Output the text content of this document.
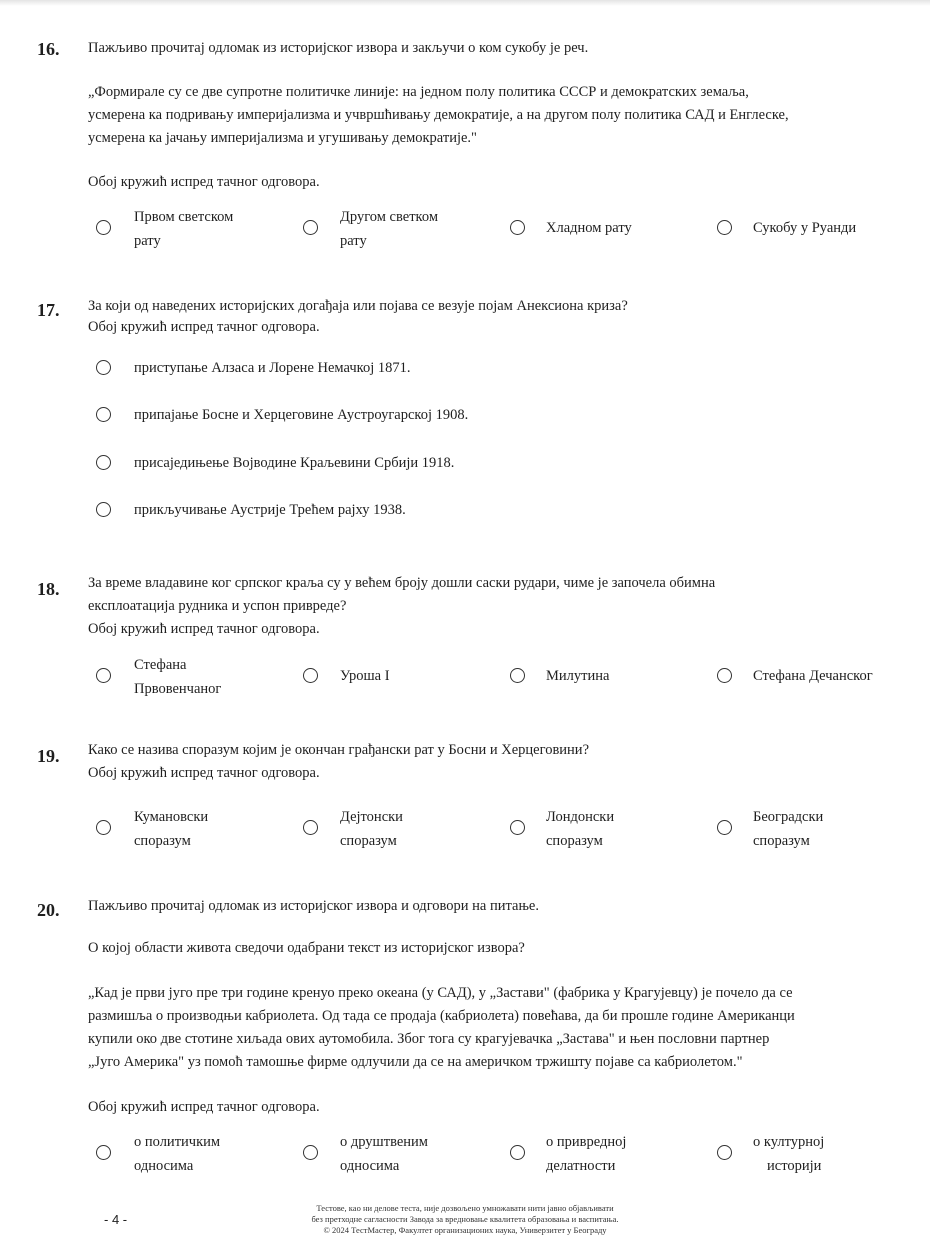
16. Пажљиво прочитај одломак из историјског извора и закључи о ком сукобу је реч.
„Формирале су се две супротне политичке линије: на једном полу политика СССР и демократских земаља,
усмерена ка подривању империјализма и учвршћивању демократије, а на другом полу политика САД и Енглеске,
усмерена ка јачању империјализма и угушивању демократије."
Обој кружић испред тачног одговора.
Првом светском
рату
Другом светком
рату
Хладном рату	Сукобу у Руанди
17. За који од наведених историјских догађаја или појава се везује појам Анексиона криза?
Обој кружић испред тачног одговора.
приступање Алзаса и Лорене Немачкој 1871.
припајање Босне и Херцеговине Аустроугарској 1908.
присаједињење Војводине Краљевини Србији 1918.
прикључивање Аустрије Трећем рајху 1938.
18. За време владавине ког српског краља су у већем броју дошли саски рудари, чиме је започела обимна
експлоатација рудника и успон привреде?
Обој кружић испред тачног одговора.
Стефана
Првовенчаног
Уроша I	Милутина	Стефана Дечанског
19. Како се назива споразум којим је окончан грађански рат у Босни и Херцеговини?
Обој кружић испред тачног одговора.
Кумановски
споразум
Дејтонски
споразум
Лондонски
споразум
Београдски
споразум
20. Пажљиво прочитај одломак из историјског извора и одговори на питање.
О којој области живота сведочи одабрани текст из историјског извора?
„Кад је први југо пре три године кренуо преко океана (у САД), у „Застави" (фабрика у Крагујевцу) је почело да се
размишља о производњи кабриолета. Од тада се продаја (кабриолета) повећава, да би прошле године Американци
купили око две стотине хиљада ових аутомобила. Због тога су крагујевачка „Застава" и њен пословни партнер
„Југо Америка" уз помоћ тамошње фирме одлучили да се на америчком тржишту појаве са кабриолетом."
Обој кружић испред тачног одговора.
о политичким
односима
о друштвеним
односима
о привредној
делатности
о културној
историји
- 4 -
Тестове, као ни делове теста, није дозвољено умножавати нити јавно објављивати
без претходне сагласности Завода за вредновање квалитета образовања и васпитања.
© 2024 ТестМастер, Факултет организационих наука, Универзитет у Београду
